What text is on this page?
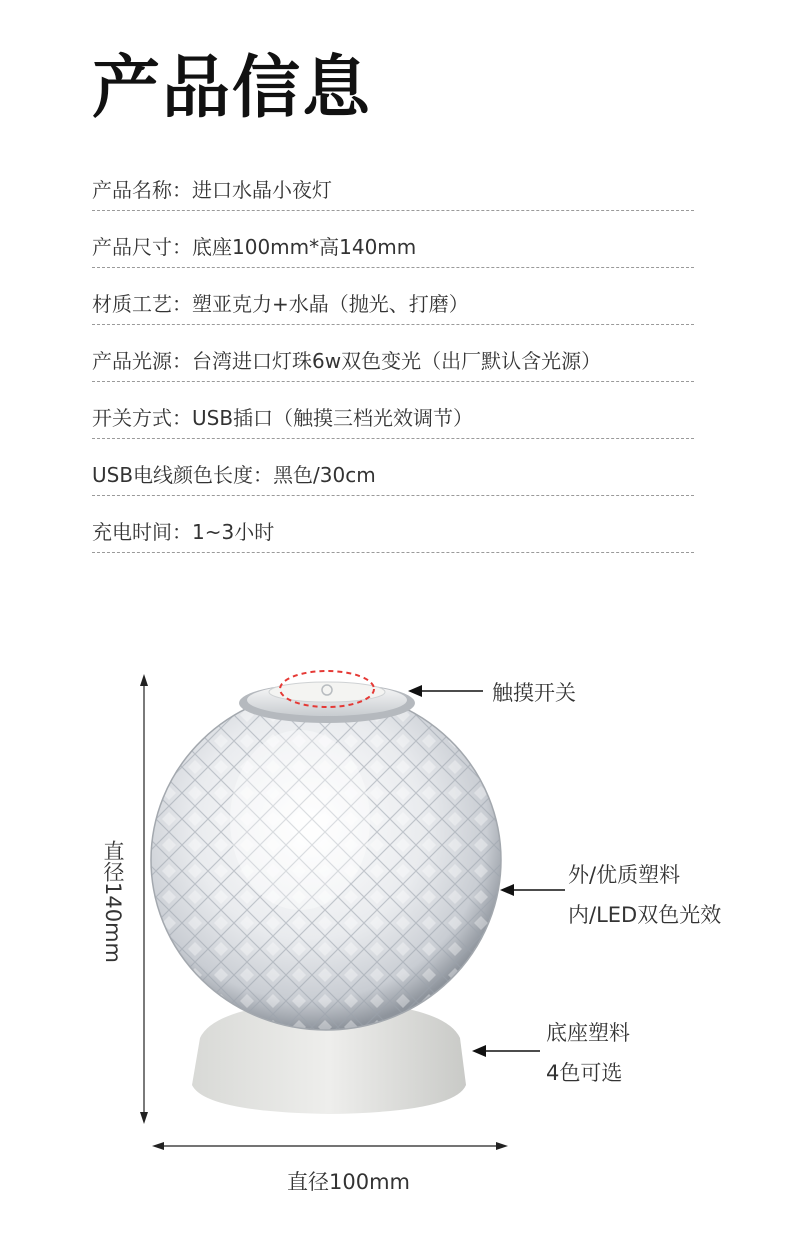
产品信息
产品名称： 进口水晶小夜灯
产品尺寸： 底座100mm*高140mm
材质工艺： 塑亚克力+水晶（抛光、打磨）
产品光源： 台湾进口灯珠6w双色变光（出厂默认含光源）
开关方式： USB插口（触摸三档光效调节）
USB电线颜色长度： 黑色/30cm
充电时间： 1~3小时
触摸开关
外/优质塑料
内/LED双色光效
底座塑料
4色可选
直径140mm
直径100mm
